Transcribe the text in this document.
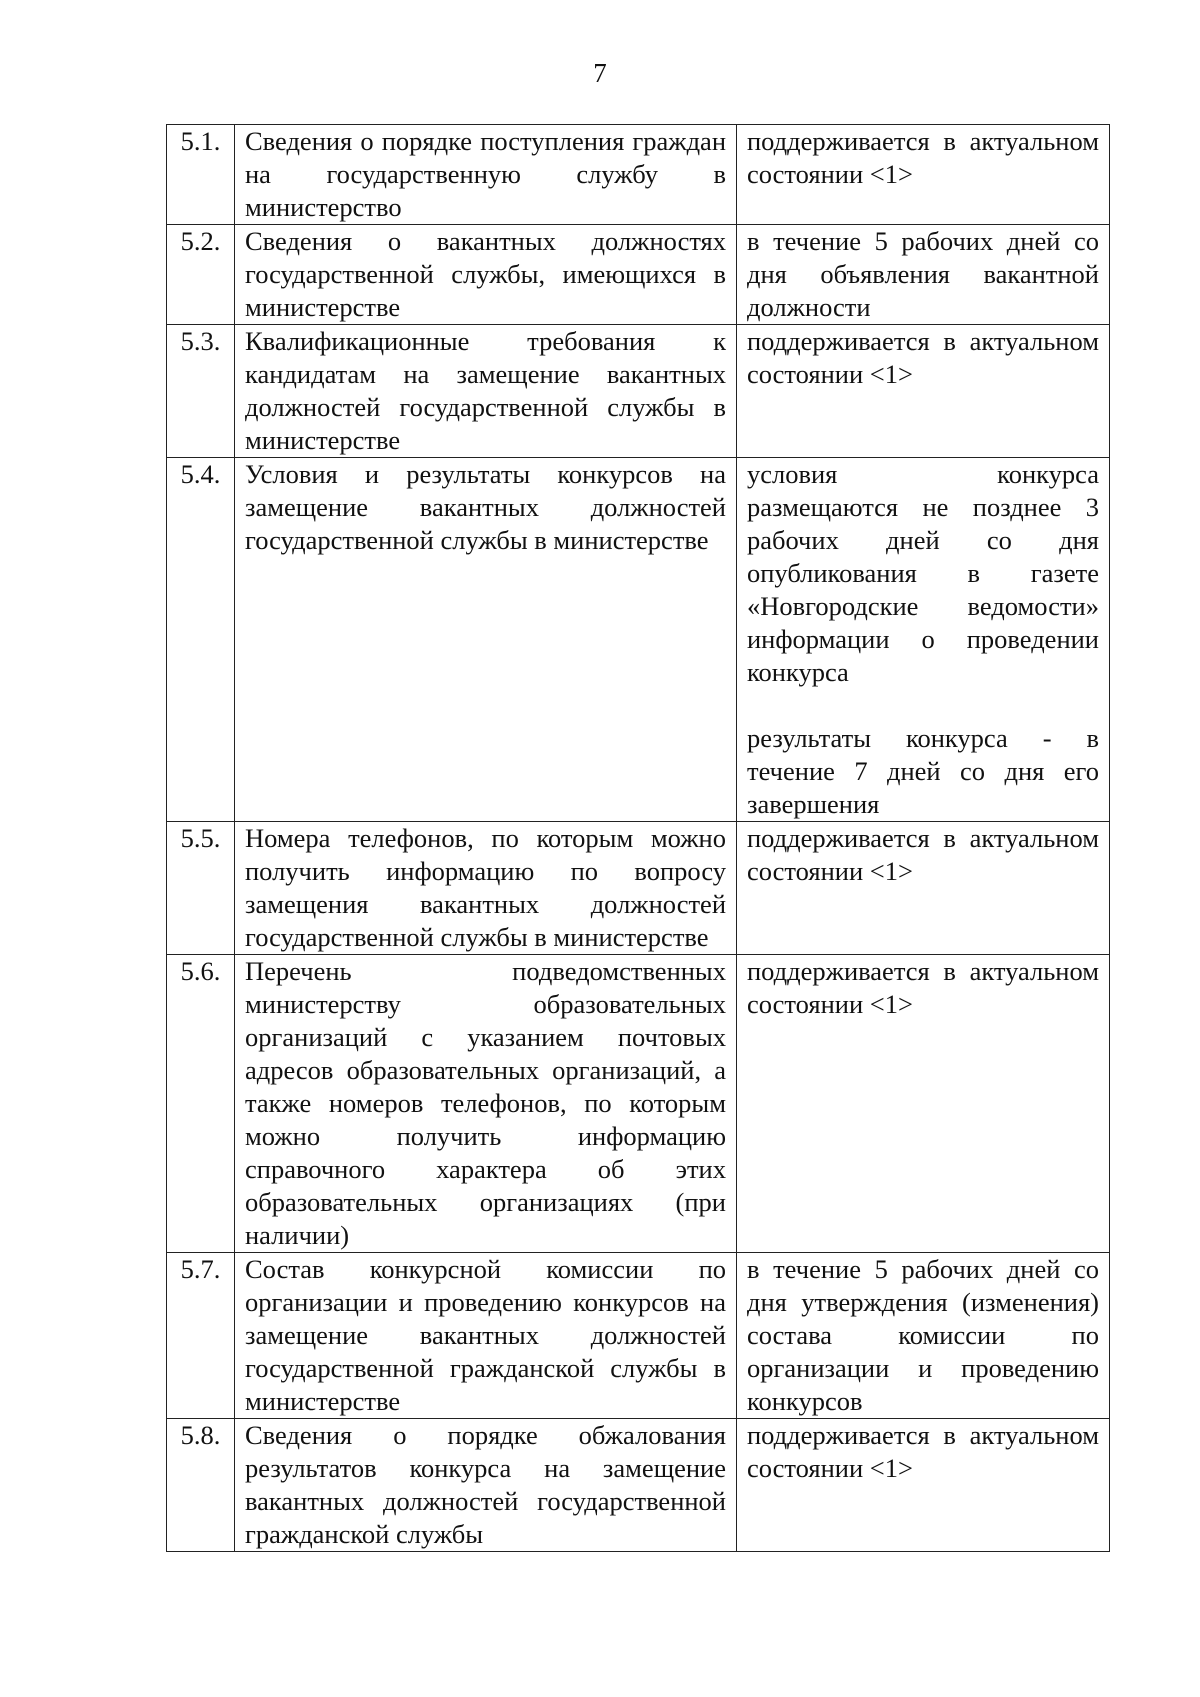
7
5.1.	Сведения о порядке поступления граждан на государственную службу в министерство	поддерживается в актуальном состоянии <1>

5.2.	Сведения о вакантных должностях государственной службы, имеющихся в министерстве	в течение 5 рабочих дней со дня объявления вакантной должности

5.3.	Квалификационные требования к кандидатам на замещение вакантных должностей государственной службы в министерстве	поддерживается в актуальном состоянии <1>

5.4.	Условия и результаты конкурсов на замещение вакантных должностей государственной службы в министерстве	условия конкурса размещаются не позднее 3 рабочих дней со дня опубликования в газете «Новгородские ведомости» информации о проведении конкурса
результаты конкурса - в течение 7 дней со дня его завершения

5.5.	Номера телефонов, по которым можно получить информацию по вопросу замещения вакантных должностей государственной службы в министерстве	поддерживается в актуальном состоянии <1>

5.6.	Перечень подведомственных министерству образовательных организаций с указанием почтовых адресов образовательных организаций, а также номеров телефонов, по которым можно получить информацию справочного характера об этих образовательных организациях (при наличии)	поддерживается в актуальном состоянии <1>

5.7.	Состав конкурсной комиссии по организации и проведению конкурсов на замещение вакантных должностей государственной гражданской службы в министерстве	в течение 5 рабочих дней со дня утверждения (изменения) состава комиссии по организации и проведению конкурсов

5.8.	Сведения о порядке обжалования результатов конкурса на замещение вакантных должностей государственной гражданской службы	поддерживается в актуальном состоянии <1>
